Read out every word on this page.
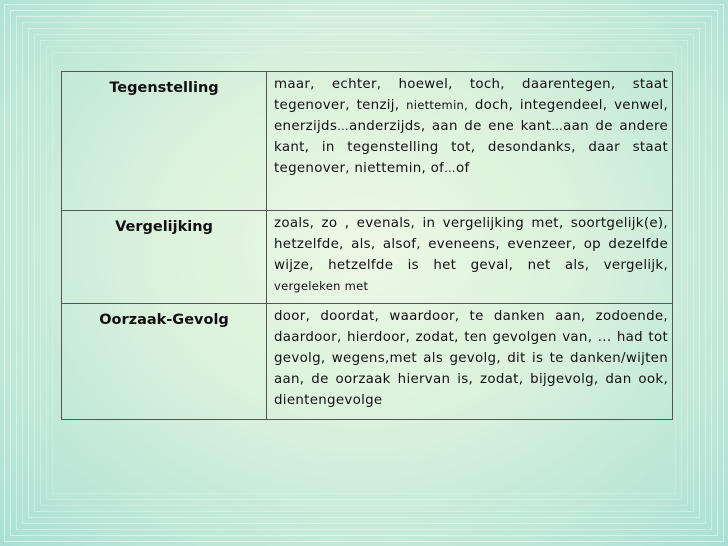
Tegenstelling	maar, echter, hoewel, toch, daarentegen, staat tegenover, tenzij, niettemin, doch, integendeel, venwel, enerzijds…anderzijds, aan de ene kant…aan de andere kant, in tegenstelling tot, desondanks, daar staat tegenover, niettemin, of…of
Vergelijking	zoals, zo , evenals, in vergelijking met, soortgelijk(e), hetzelfde, als, alsof, eveneens, evenzeer, op dezelfde wijze, hetzelfde is het geval, net als, vergelijk, vergeleken met
Oorzaak-Gevolg	door, doordat, waardoor, te danken aan, zodoende, daardoor, hierdoor, zodat, ten gevolgen van, ... had tot gevolg, wegens,met als gevolg, dit is te danken/wijten aan, de oorzaak hiervan is, zodat, bijgevolg, dan ook, dientengevolge
